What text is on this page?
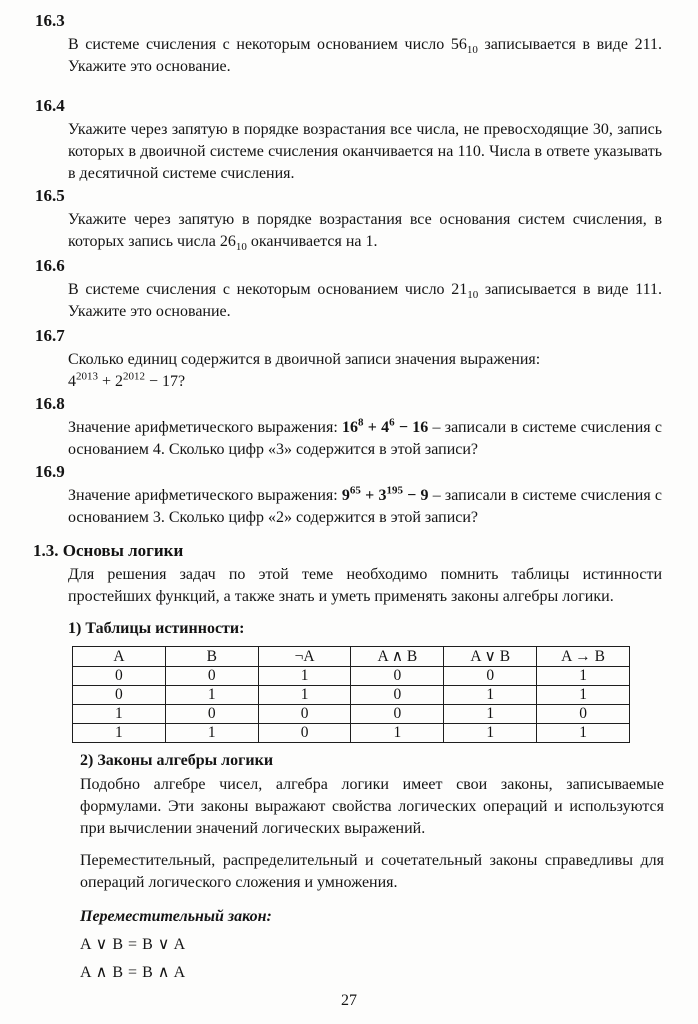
16.3

В системе счисления с некоторым основанием число $56_{10}$ записывается в виде 211. Укажите это основание.

16.4

Укажите через запятую в порядке возрастания все числа, не превосходящие 30, запись которых в двоичной системе счисления оканчивается на 110. Числа в ответе указывать в десятичной системе счисления.

16.5

Укажите через запятую в порядке возрастания все основания систем счисления, в которых запись числа $26_{10}$ оканчивается на 1.

16.6

В системе счисления с некоторым основанием число $21_{10}$ записывается в виде 111. Укажите это основание.

16.7

Сколько единиц содержится в двоичной записи значения выражения:

$4^{2013} + 2^{2012} - 17$?

16.8

Значение арифметического выражения: $16^8 + 4^6 - 16$ – записали в системе счисления с основанием 4. Сколько цифр «3» содержится в этой записи?

16.9

Значение арифметического выражения: $9^{65} + 3^{195} - 9$ – записали в системе счисления с основанием 3. Сколько цифр «2» содержится в этой записи?

1.3. Основы логики

Для решения задач по этой теме необходимо помнить таблицы истинности простейших функций, а также знать и уметь применять законы алгебры логики.

1) Таблицы истинности:
A	B	¬A	A ∧ B	A ∨ B	A → B
0	0	1	0	0	1
0	1	1	0	1	1
1	0	0	0	1	0
1	1	0	1	1	1
2) Законы алгебры логики

Подобно алгебре чисел, алгебра логики имеет свои законы, записываемые формулами. Эти законы выражают свойства логических операций и используются при вычислении значений логических выражений.

Переместительный, распределительный и сочетательный законы справедливы для операций логического сложения и умножения.

Переместительный закон:
A ∨ B = B ∨ A
A ∧ B = B ∧ A
27
